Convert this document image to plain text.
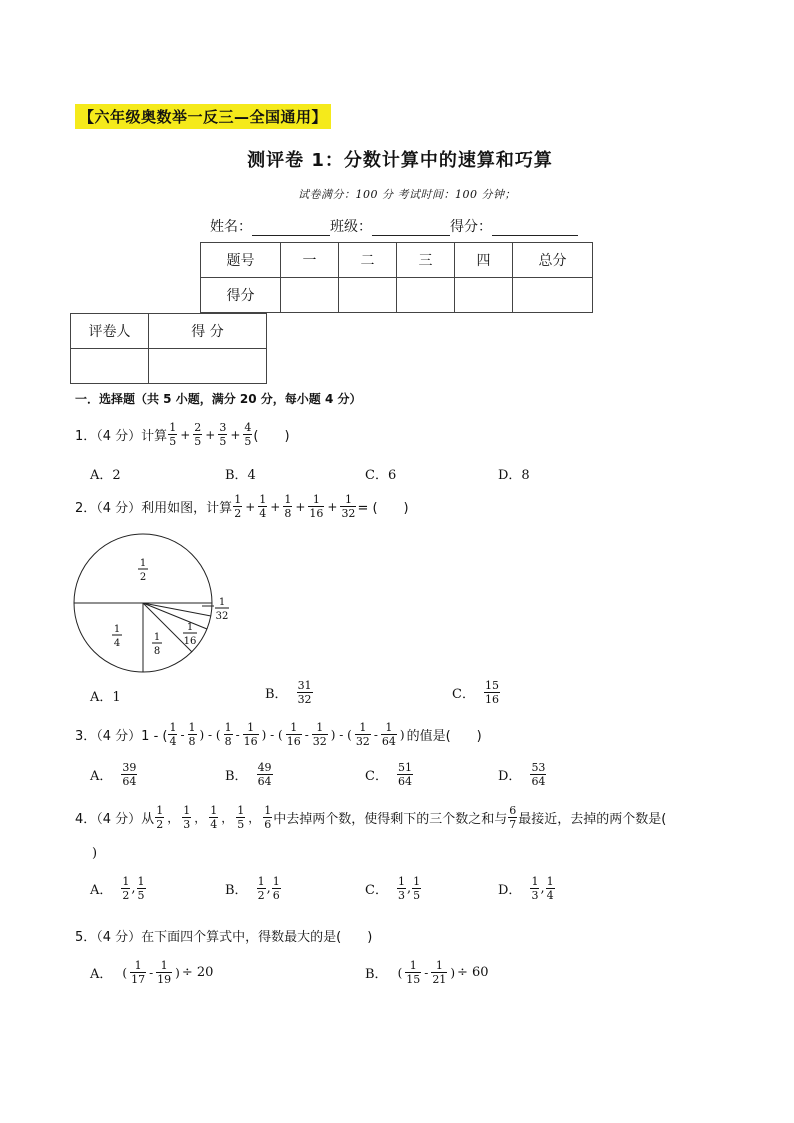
【六年级奥数举一反三—全国通用】
测评卷 1：分数计算中的速算和巧算
试卷满分：100 分 考试时间：100 分钟；
姓名：	班级：	得分：
题号	一	二	三	四	总分
得分					
评卷人	得 分

一．选择题（共 5 小题，满分 20 分，每小题 4 分）
1．（4 分）计算 $\frac{1}{5} + \frac{2}{5} + \frac{3}{5} + \frac{4}{5}$ (　　)
A．2	B．4	C．6	D．8
2．（4 分）利用如图，计算 $\frac{1}{2} + \frac{1}{4} + \frac{1}{8} + \frac{1}{16} + \frac{1}{32}$ = (　　)
1
2
1
4
1
8
1
16
1
32
A．1	B． $\frac{31}{32}$	C． $\frac{15}{16}$
3．（4 分）1 - ( $\frac{1}{4} - \frac{1}{8}$ ) - ( $\frac{1}{8} - \frac{1}{16}$ ) - ( $\frac{1}{16} - \frac{1}{32}$ ) - ( $\frac{1}{32} - \frac{1}{64}$ ) 的值是(　　)
A． $\frac{39}{64}$	B． $\frac{49}{64}$	C． $\frac{51}{64}$	D． $\frac{53}{64}$
4．（4 分）从 $\frac{1}{2}$ ， $\frac{1}{3}$ ， $\frac{1}{4}$ ， $\frac{1}{5}$ ， $\frac{1}{6}$ 中去掉两个数，使得剩下的三个数之和与 $\frac{6}{7}$ 最接近，去掉的两个数是(
)
A． $\frac{1}{2}$ , $\frac{1}{5}$	B． $\frac{1}{2}$ , $\frac{1}{6}$	C． $\frac{1}{3}$ , $\frac{1}{5}$	D． $\frac{1}{3}$ , $\frac{1}{4}$
5．（4 分）在下面四个算式中，得数最大的是(　　)
A． ( $\frac{1}{17} - \frac{1}{19}$ ) ÷ 20	B． ( $\frac{1}{15} - \frac{1}{21}$ ) ÷ 60
